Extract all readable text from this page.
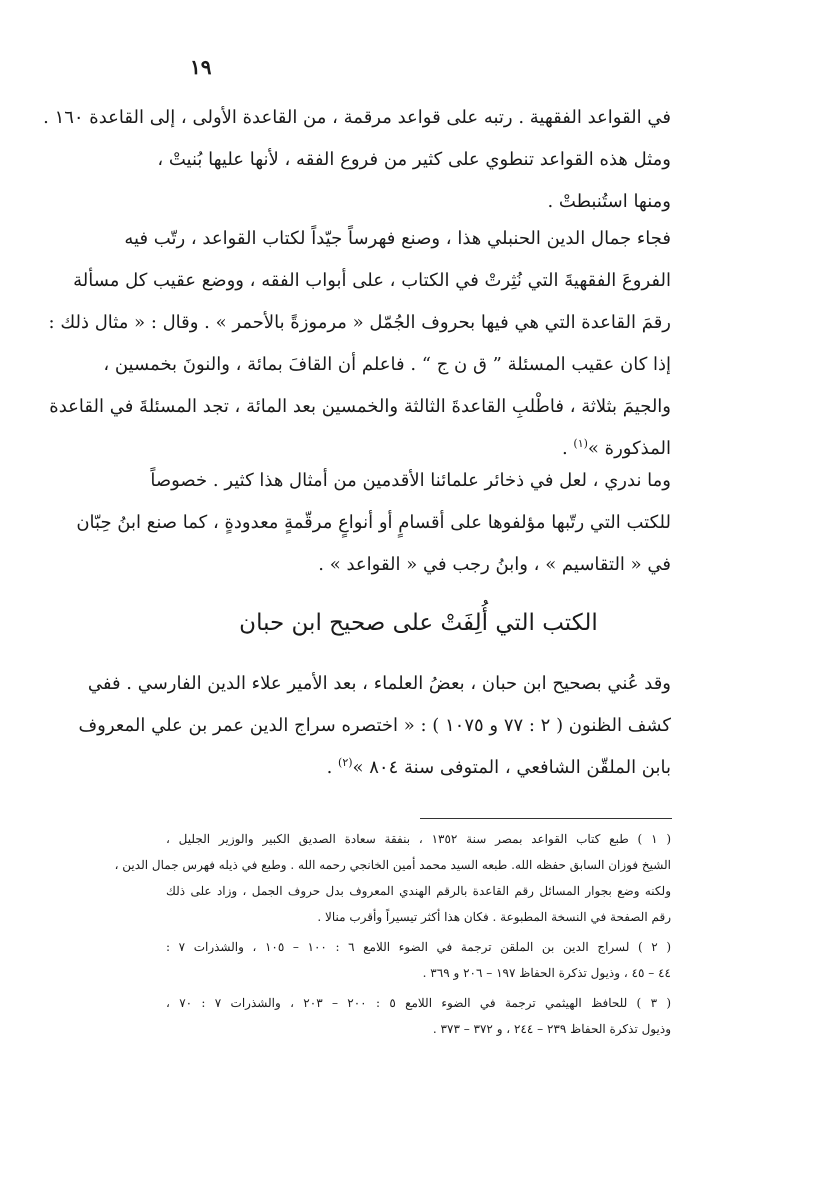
١٩

في القواعد الفقهية . رتبه على قواعد مرقمة ، من القاعدة الأولى ، إلى القاعدة ١٦٠ .
ومثل هذه القواعد تنطوي على كثير من فروع الفقه ، لأنها عليها بُنيتْ ،
ومنها استُنبطتْ .

فجاء جمال الدين الحنبلي هذا ، وصنع فهرساً جيّداً لكتاب القواعد ، رتّب فيه
الفروعَ الفقهيةَ التي نُثِرتْ في الكتاب ، على أبواب الفقه ، ووضع عقيب كل مسألة
رقمَ القاعدة التي هي فيها بحروف الجُمّل « مرموزةً بالأحمر » . وقال : « مثال ذلك :
إذا كان عقيب المسئلة ” ق ن ج “ . فاعلم أن القافَ بمائة ، والنونَ بخمسين ،
والجيمَ بثلاثة ، فاطْلبِ القاعدةَ الثالثة والخمسين بعد المائة ، تجد المسئلةَ في القاعدة
المذكورة »$^{(١)}$ .

وما ندري ، لعل في ذخائر علمائنا الأقدمين من أمثال هذا كثير . خصوصاً
للكتب التي رتّبها مؤلفوها على أقسامٍ أو أنواعٍ مرقّمةٍ معدودةٍ ، كما صنع ابنُ حِبّان
في « التقاسيم » ، وابنُ رجب في « القواعد » .

الكتب التي أُلِفَتْ على صحيح ابن حبان

وقد عُني بصحيح ابن حبان ، بعضُ العلماء ، بعد الأمير علاء الدين الفارسي . ففي
كشف الظنون ( ٢ : ٧٧ و ١٠٧٥ ) : « اختصره سراج الدين عمر بن علي المعروف
بابن الملقّن الشافعي ، المتوفى سنة ٨٠٤ »$^{(٢)}$ .

( ١ ) طبع كتاب القواعد بمصر سنة ١٣٥٢ ، بنفقة سعادة الصديق الكبير والوزير الجليل ،
الشيخ فوزان السابق حفظه الله. طبعه السيد محمد أمين الخانجي رحمه الله . وطبع في ذيله فهرس جمال الدين ،
ولكنه وضع بجوار المسائل رقم القاعدة بالرقم الهندي المعروف بدل حروف الجمل ، وزاد على ذلك
رقم الصفحة في النسخة المطبوعة . فكان هذا أكثر تيسيراً وأقرب منالا .

( ٢ ) لسراج الدين بن الملقن ترجمة في الضوء اللامع ٦ : ١٠٠ – ١٠٥ ، والشذرات ٧ :
٤٤ – ٤٥ ، وذيول تذكرة الحفاظ ١٩٧ – ٢٠٦ و ٣٦٩ .

( ٣ ) للحافظ الهيثمي ترجمة في الضوء اللامع ٥ : ٢٠٠ – ٢٠٣ ، والشذرات ٧ : ٧٠ ،
وذيول تذكرة الحفاظ ٢٣٩ – ٢٤٤ ، و ٣٧٢ – ٣٧٣ .
